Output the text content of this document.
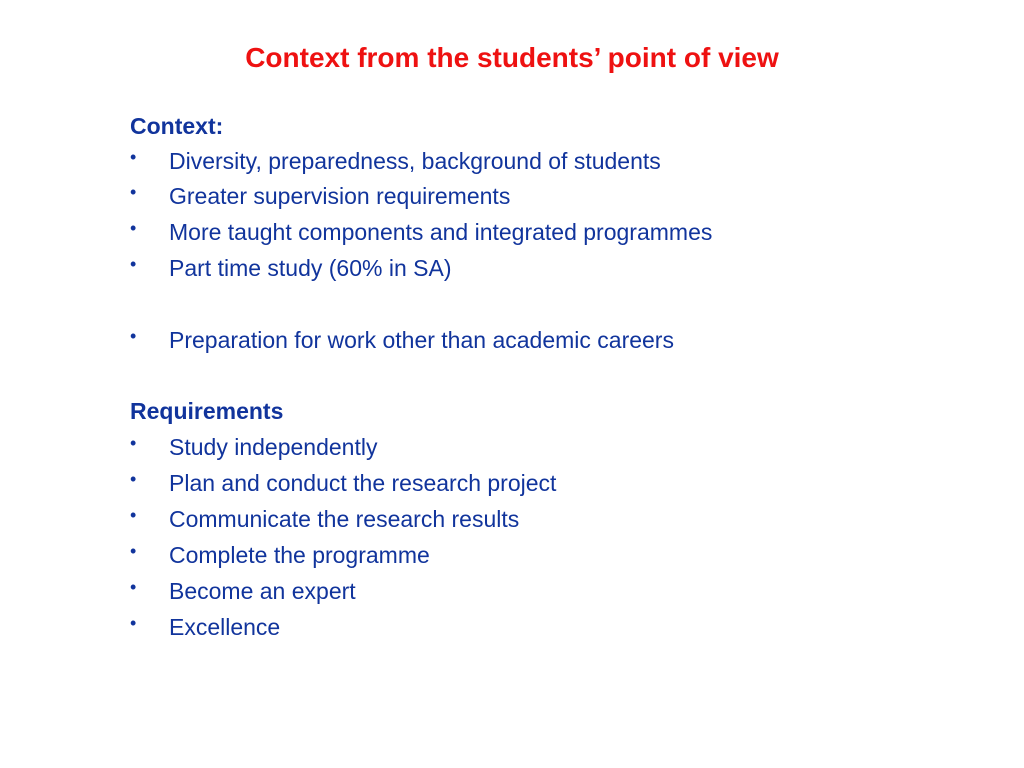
Context from the students’ point of view
Context:
• Diversity, preparedness, background of students
• Greater supervision requirements
• More taught components and integrated programmes
• Part time study (60% in SA)
• Preparation for work other than academic careers
Requirements
• Study independently
• Plan and conduct the research project
• Communicate the research results
• Complete the programme
• Become an expert
• Excellence
